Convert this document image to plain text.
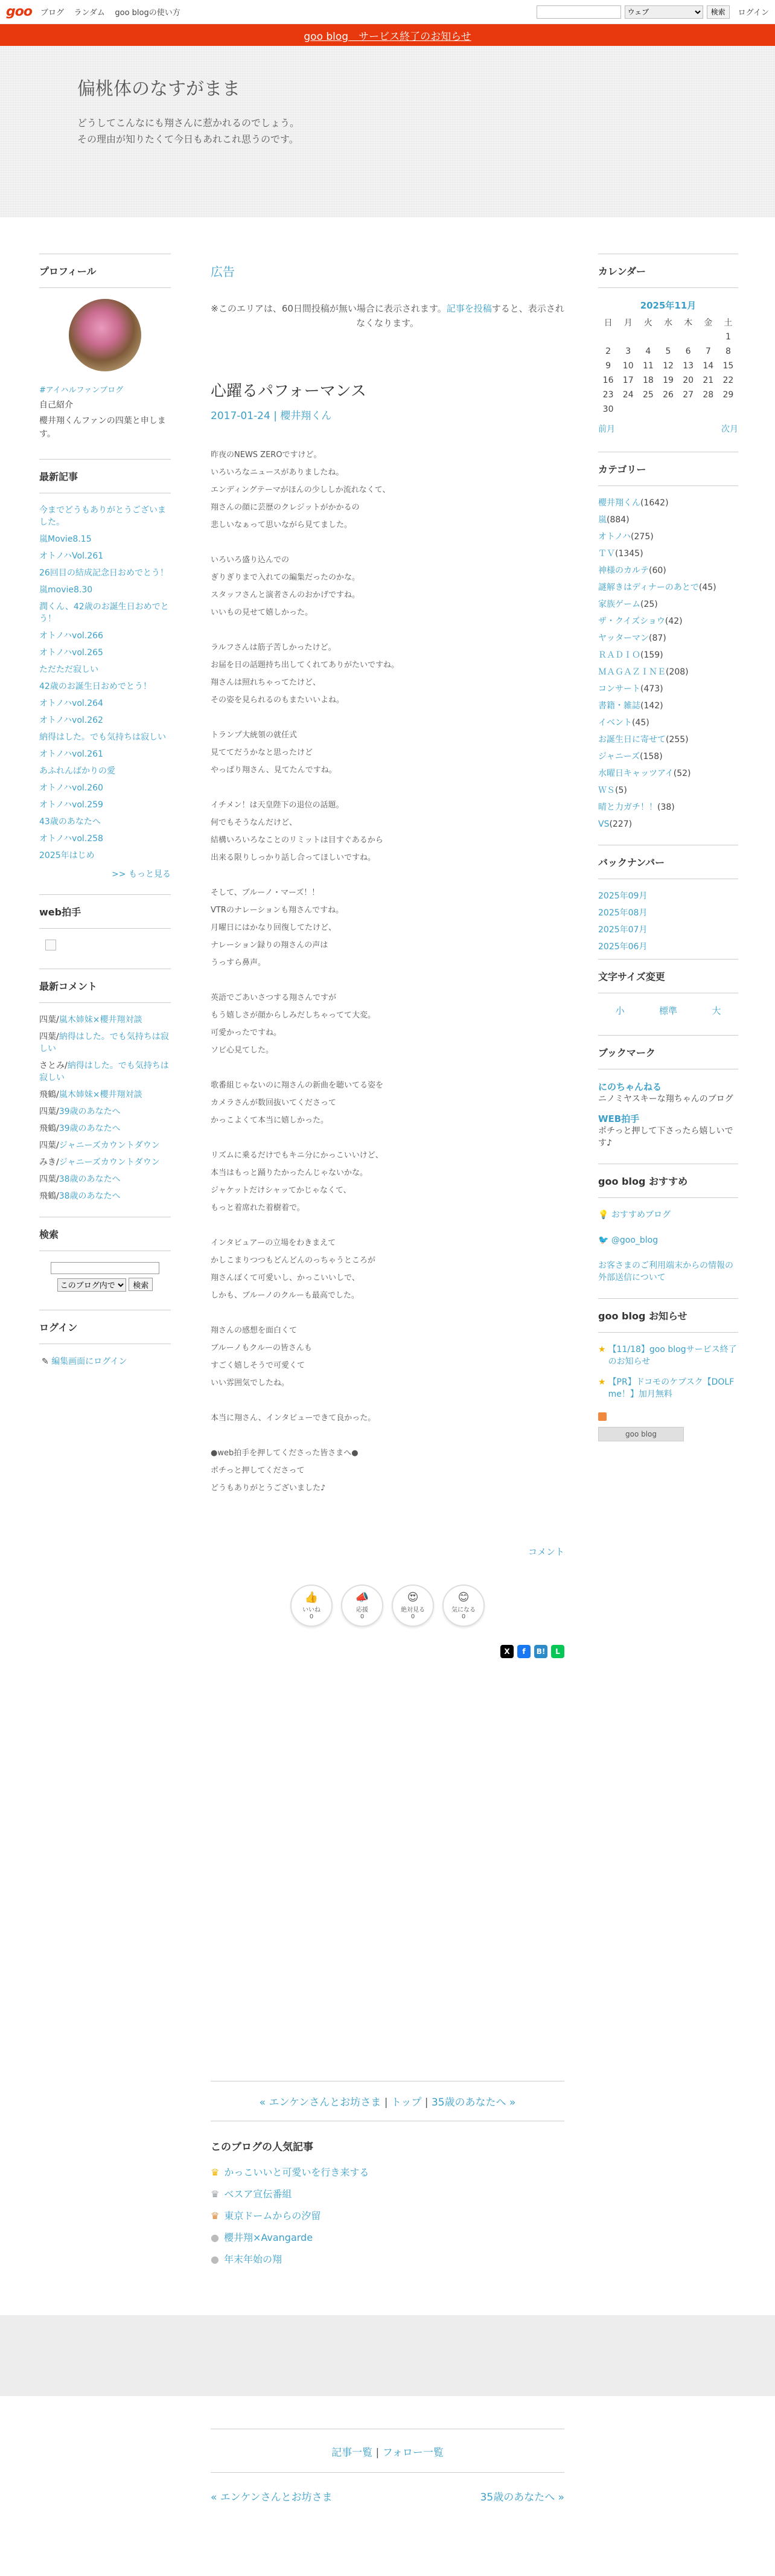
goo ブログ ランダム goo blogの使い方
ウェブ	検索	ログイン
goo blog　サービス終了のお知らせ
偏桃体のなすがまま

どうしてこんなにも翔さんに惹かれるのでしょう。

その理由が知りたくて今日もあれこれ思うのです。

プロフィール
#アイハルファンブログ
自己紹介
櫻井翔くんファンの四葉と申します。
最新記事
今までどうもありがとうございました。
嵐Movie8.15
オトノハVol.261
26回目の結成記念日おめでとう！
嵐movie8.30
潤くん、42歳のお誕生日おめでとう！
オトノハvol.266
オトノハvol.265
ただただ寂しい
42歳のお誕生日おめでとう！
オトノハvol.264
オトノハvol.262
納得はした。でも気持ちは寂しい
オトノハvol.261
あふれんばかりの愛
オトノハvol.260
オトノハvol.259
43歳のあなたへ
オトノハvol.258
2025年はじめ
>> もっと見る
web拍手
最新コメント
四葉/嵐木姉妹×櫻井翔対談
四葉/納得はした。でも気持ちは寂しい
さとみ/納得はした。でも気持ちは寂しい
飛鶴/嵐木姉妹×櫻井翔対談
四葉/39歳のあなたへ
飛鶴/39歳のあなたへ
四葉/ジャニーズカウントダウン
みき/ジャニーズカウントダウン
四葉/38歳のあなたへ
飛鶴/38歳のあなたへ
検索

このブログ内で 検索
ログイン
✎ 編集画面にログイン
広告
※このエリアは、60日間投稿が無い場合に表示されます。記事を投稿すると、表示されなくなります。
心躍るパフォーマンス
2017-01-24 | 櫻井翔くん

昨夜のNEWS ZEROですけど。

いろいろなニュースがありましたね。

エンディングテーマがほんの少ししか流れなくて、

翔さんの顔に芸歴のクレジットがかかるの

悲しいなぁって思いながら見てました。

いろいろ盛り込んでの

ぎりぎりまで入れての編集だったのかな。

スタッフさんと演者さんのおかげですね。

いいもの見せて嬉しかった。

ラルフさんは筋子苦しかったけど。

お届を日の話題持ち出してくれてありがたいですね。

翔さんは照れちゃってたけど、

その姿を見られるのもまたいいよね。

トランプ大統領の就任式

見ててだうかなと思ったけど

やっぱり翔さん、見てたんですね。

イチメン！は天皇陛下の退位の話題。

何でもそうなんだけど、

結構いろいろなことのリミットは目すぐあるから

出来る限りしっかり話し合ってほしいですね。

そして、ブルーノ・マーズ！！

VTRのナレーションも翔さんですね。

月曜日にはかなり回復してたけど、

ナレーション録りの翔さんの声は

うっすら鼻声。

英語でごあいさつする翔さんですが

もう嬉しさが顔からしみだしちゃってて大変。

可愛かったですね。

ソビ心見てした。

歌番組じゃないのに翔さんの新曲を聴いてる姿を

カメラさんが数回抜いてくださって

かっこよくて本当に嬉しかった。

リズムに乗るだけでもキニ分にかっこいいけど、

本当はもっと踊りたかったんじゃないかな。

ジャケットだけシャッてかじゃなくて、

もっと着席れた着樹着で。

インタビュアーの立場をわきまえて

かしこまりつつもどんどんのっちゃうところが

翔さんぽくて可愛いし、かっこいいしで、

しかも、ブルーノのクルーも最高でした。

翔さんの感想を面白くて

ブルーノもクルーの皆さんも

すごく嬉しそうで可愛くて

いい雰囲気でしたね。

本当に翔さん、インタビューできて良かった。

●web拍手を押してくださった皆さまへ●

ポチっと押してくださって

どうもありがとうございました♪

コメント
👍
いいね
0
📣
応援
0
😍
絶対見る
0
😊
気になる
0
X	f	B!	L
« エンケンさんとお坊さま | トップ | 35歳のあなたへ »
このブログの人気記事
♛ かっこいいと可愛いを行き来する
♛ ベスア宣伝番組
♛ 東京ドームからの汐留
● 櫻井翔×Avangarde
● 年末年始の翔
カレンダー
2025年11月
日	月	火	水	木	金	土
						1
2	3	4	5	6	7	8
9	10	11	12	13	14	15
16	17	18	19	20	21	22
23	24	25	26	27	28	29
30						
前月	次月
カテゴリー
櫻井翔くん(1642)
嵐(884)
オトノハ(275)
ＴＶ(1345)
神様のカルテ(60)
謎解きはディナーのあとで(45)
家族ゲーム(25)
ザ・クイズショウ(42)
ヤッターマン(87)
ＲＡＤＩＯ(159)
ＭＡＧＡＺＩＮＥ(208)
コンサート(473)
書籍・雑誌(142)
イベント(45)
お誕生日に寄せて(255)
ジャニーズ(158)
水曜日キャッツアイ(52)
ＷＳ(5)
晴と力ガチ！！(38)
VS(227)
バックナンバー
2025年09月
2025年08月
2025年07月
2025年06月
文字サイズ変更
小	標準	大
ブックマーク
にのちゃんねる
ニノミヤスキーな翔ちゃんのブログ
WEB拍手
ポチっと押して下さったら嬉しいです♪
goo blog おすすめ
💡 おすすめブログ
🐦 @goo_blog
お客さまのご利用端末からの情報の外部送信について
goo blog お知らせ
★ 【11/18】goo blogサービス終了のお知らせ
★ 【PR】ドコモのケブスク【DOLF me！】加月無料
goo blog
記事一覧 | フォロー一覧
« エンケンさんとお坊さま	35歳のあなたへ »
